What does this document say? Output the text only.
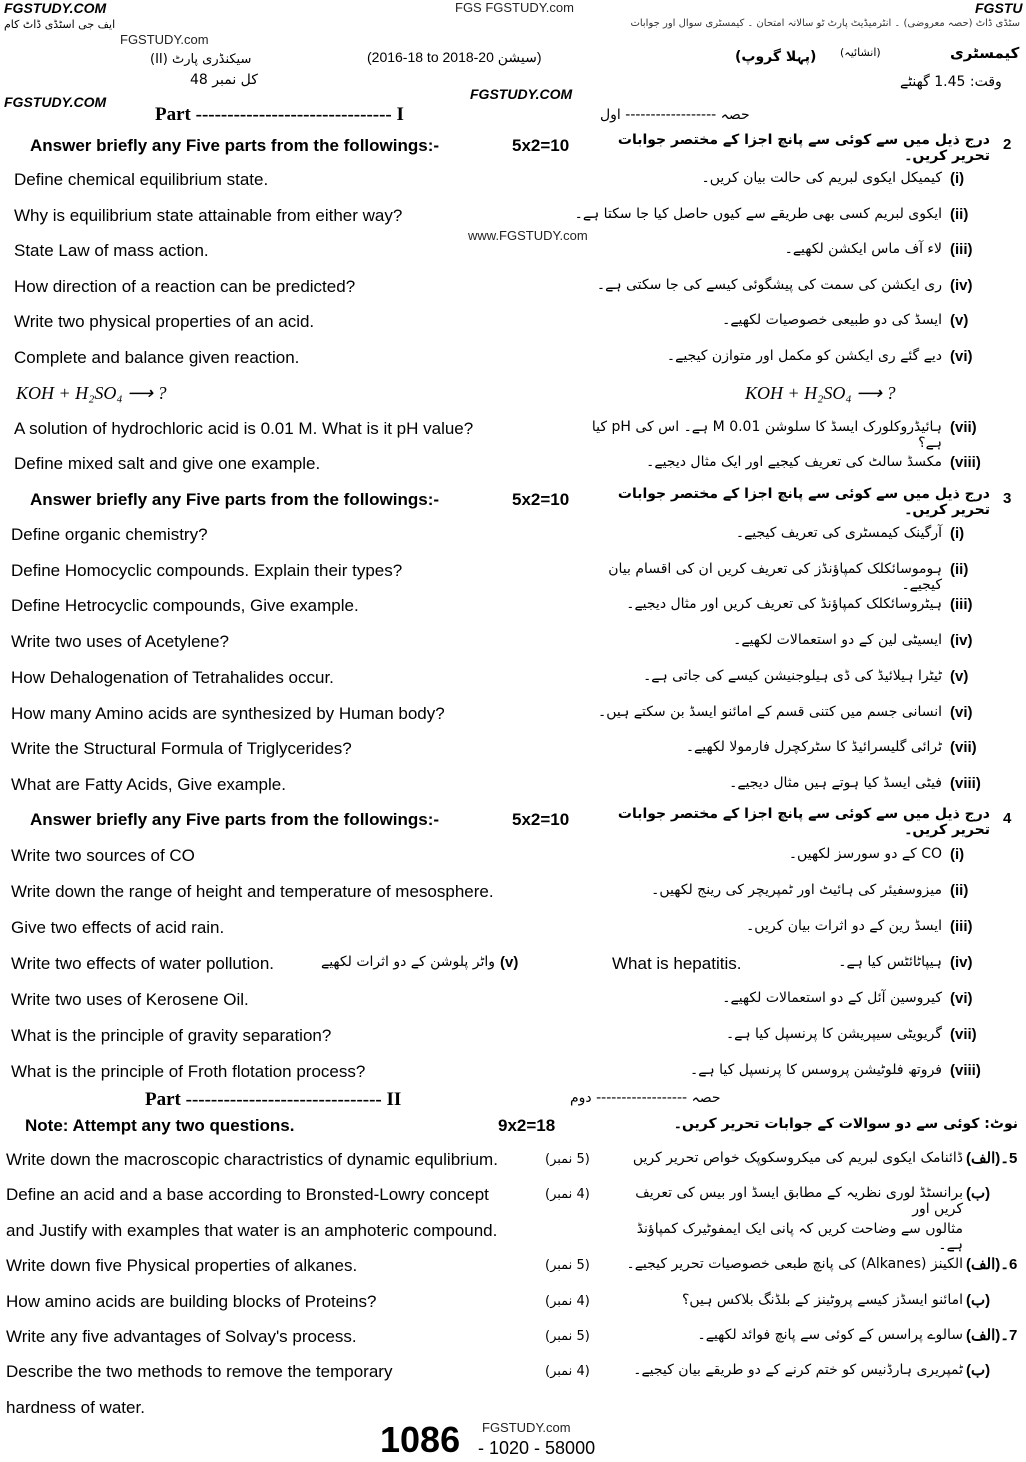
FGSTUDY.COM	FGS FGSTUDY.com	FGSTU
ایف جی اسٹڈی ڈاٹ کام	سٹڈی ڈاٹ (حصہ معروضی) ۔ انٹرمیڈیٹ پارٹ ٹو سالانہ امتحان ۔ کیمسٹری سوال اور جوابات
FGSTUDY.com
سیکنڈری پارٹ (II)	(2016-18 to 2018-20 سیشن)	(پہلا گروپ) (انشائیہ)	کیمسٹری
کل نمبر 48	وقت: 1.45 گھنٹے
FGSTUDY.COM	FGSTUDY.COM
Part ------------------------------- I	حصہ ------------------ اول
www.FGSTUDY.com
Answer briefly any Five parts from the followings:-	5x2=10	درج ذیل میں سے کوئی سے پانچ اجزا کے مختصر جوابات تحریر کریں۔
2
Define chemical equilibrium state.	کیمیکل ایکوی لبریم کی حالت بیان کریں۔ (i)
Why is equilibrium state attainable from either way?	ایکوی لبریم کسی بھی طریقے سے کیوں حاصل کیا جا سکتا ہے۔ (ii)
State Law of mass action.	لاء آف ماس ایکشن لکھیے۔ (iii)
How direction of a reaction can be predicted?	ری ایکشن کی سمت کی پیشگوئی کیسے کی جا سکتی ہے۔ (iv)
Write two physical properties of an acid.	ایسڈ کی دو طبیعی خصوصیات لکھیے۔ (v)
Complete and balance given reaction.	دیے گئے ری ایکشن کو مکمل اور متوازن کیجیے۔ (vi)
KOH + H₂SO₄ ⟶ ?	KOH + H₂SO₄ ⟶ ?
A solution of hydrochloric acid is 0.01 M. What is it pH value?	ہائیڈروکلورک ایسڈ کا سلوشن 0.01 M ہے۔ اس کی pH کیا ہے؟
(vii)
Define mixed salt and give one example.	مکسڈ سالٹ کی تعریف کیجیے اور ایک مثال دیجیے۔ (viii)
Answer briefly any Five parts from the followings:-	5x2=10	درج ذیل میں سے کوئی سے پانچ اجزا کے مختصر جوابات تحریر کریں۔
3
Define organic chemistry?	آرگینک کیمسٹری کی تعریف کیجیے۔ (i)
Define Homocyclic compounds. Explain their types?	ہوموسائکلک کمپاؤنڈز کی تعریف کریں ان کی اقسام بیان کیجیے۔
(ii)
Define Hetrocyclic compounds, Give example.	ہیٹروسائکلک کمپاؤنڈ کی تعریف کریں اور مثال دیجیے۔ (iii)
Write two uses of Acetylene?	ایسیٹی لین کے دو استعمالات لکھیے۔ (iv)
How Dehalogenation of Tetrahalides occur.	ٹیٹرا ہیلائیڈ کی ڈی ہیلوجنیشن کیسے کی جاتی ہے۔ (v)
How many Amino acids are synthesized by Human body?	انسانی جسم میں کتنی قسم کے امائنو ایسڈ بن سکتے ہیں۔ (vi)
Write the Structural Formula of Triglycerides?	ٹرائی گلیسرائیڈ کا سٹرکچرل فارمولا لکھیے۔ (vii)
What are Fatty Acids, Give example.	فیٹی ایسڈ کیا ہوتے ہیں مثال دیجیے۔ (viii)
Answer briefly any Five parts from the followings:-	5x2=10	درج ذیل میں سے کوئی سے پانچ اجزا کے مختصر جوابات تحریر کریں۔
4
Write two sources of CO	CO کے دو سورسز لکھیں۔ (i)
Write down the range of height and temperature of mesosphere.	میزوسفیئر کی ہائیٹ اور ٹمپریچر کی رینج لکھیں۔ (ii)
Give two effects of acid rain.	ایسڈ رین کے دو اثرات بیان کریں۔ (iii)
Write two effects of water pollution.	واٹر پلوشن کے دو اثرات لکھیے (v)	What is hepatitis.	ہیپاٹائٹس کیا ہے۔ (iv)
Write two uses of Kerosene Oil.	کیروسین آئل کے دو استعمالات لکھیے۔ (vi)
What is the principle of gravity separation?	گریویٹی سیپریشن کا پرنسپل کیا ہے۔ (vii)
What is the principle of Froth flotation process?	فروتھ فلوٹیشن پروسس کا پرنسپل کیا ہے۔ (viii)
Part ------------------------------- II	حصہ ------------------ دوم
Note: Attempt any two questions.	9x2=18	نوٹ: کوئی سے دو سوالات کے جوابات تحریر کریں۔
Write down the macroscopic charactristics of dynamic equlibrium.	(5 نمبر)	ڈائنامک ایکوی لبریم کی میکروسکوپک خواص تحریر کریں 5۔(الف)
Define an acid and a base according to Bronsted-Lowry concept	(4 نمبر)	برانسٹڈ لوری نظریہ کے مطابق ایسڈ اور بیس کی تعریف کریں اور
(ب)
and Justify with examples that water is an amphoteric compound.	مثالوں سے وضاحت کریں کہ پانی ایک ایمفوٹیرک کمپاؤنڈ ہے۔
Write down five Physical properties of alkanes.	(5 نمبر)	الکینز (Alkanes) کی پانچ طبعی خصوصیات تحریر کیجیے۔ 6۔(الف)
How amino acids are building blocks of Proteins?	(4 نمبر)	امائنو ایسڈز کیسے پروٹینز کے بلڈنگ بلاکس ہیں؟ (ب)
Write any five advantages of Solvay's process.	(5 نمبر)	سالوے پراسس کے کوئی سے پانچ فوائد لکھیے۔ 7۔(الف)
Describe the two methods to remove the temporary	(4 نمبر)	ٹمپریری ہارڈنیس کو ختم کرنے کے دو طریقے بیان کیجیے۔ (ب)
hardness of water.
1086 - 1020 - 58000
FGSTUDY.com
